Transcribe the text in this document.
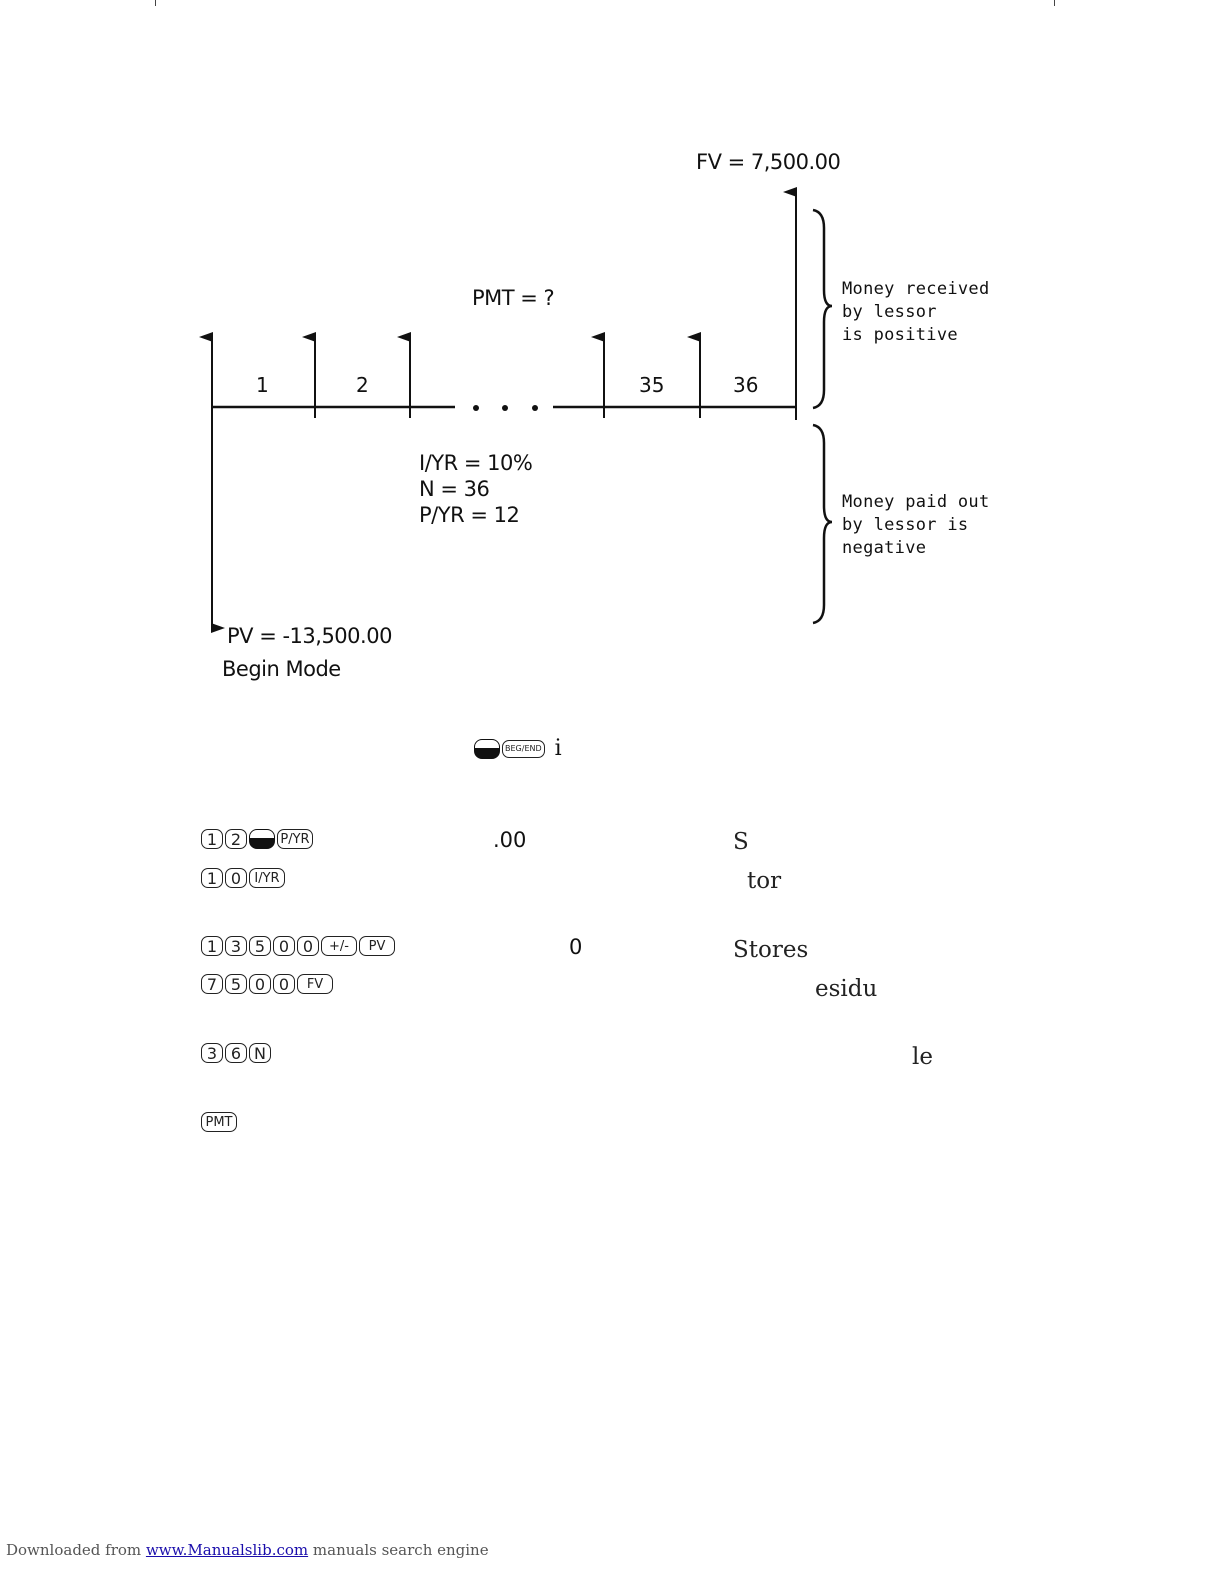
FV = 7,500.00
PMT = ?
1	2	35	36
I/YR = 10%
N = 36
P/YR = 12
PV = -13,500.00
Begin Mode
Money received
by lessor
is positive
Money paid out
by lessor is
negative
BEG/END i
1 2	P/YR	.00	S
1 0	I/YR	tor
1 3 5 0 0	+/-	PV	0	Stores
7 5 0 0	FV	esidu
3 6 N	le
PMT
Downloaded from www.Manualslib.com manuals search engine
